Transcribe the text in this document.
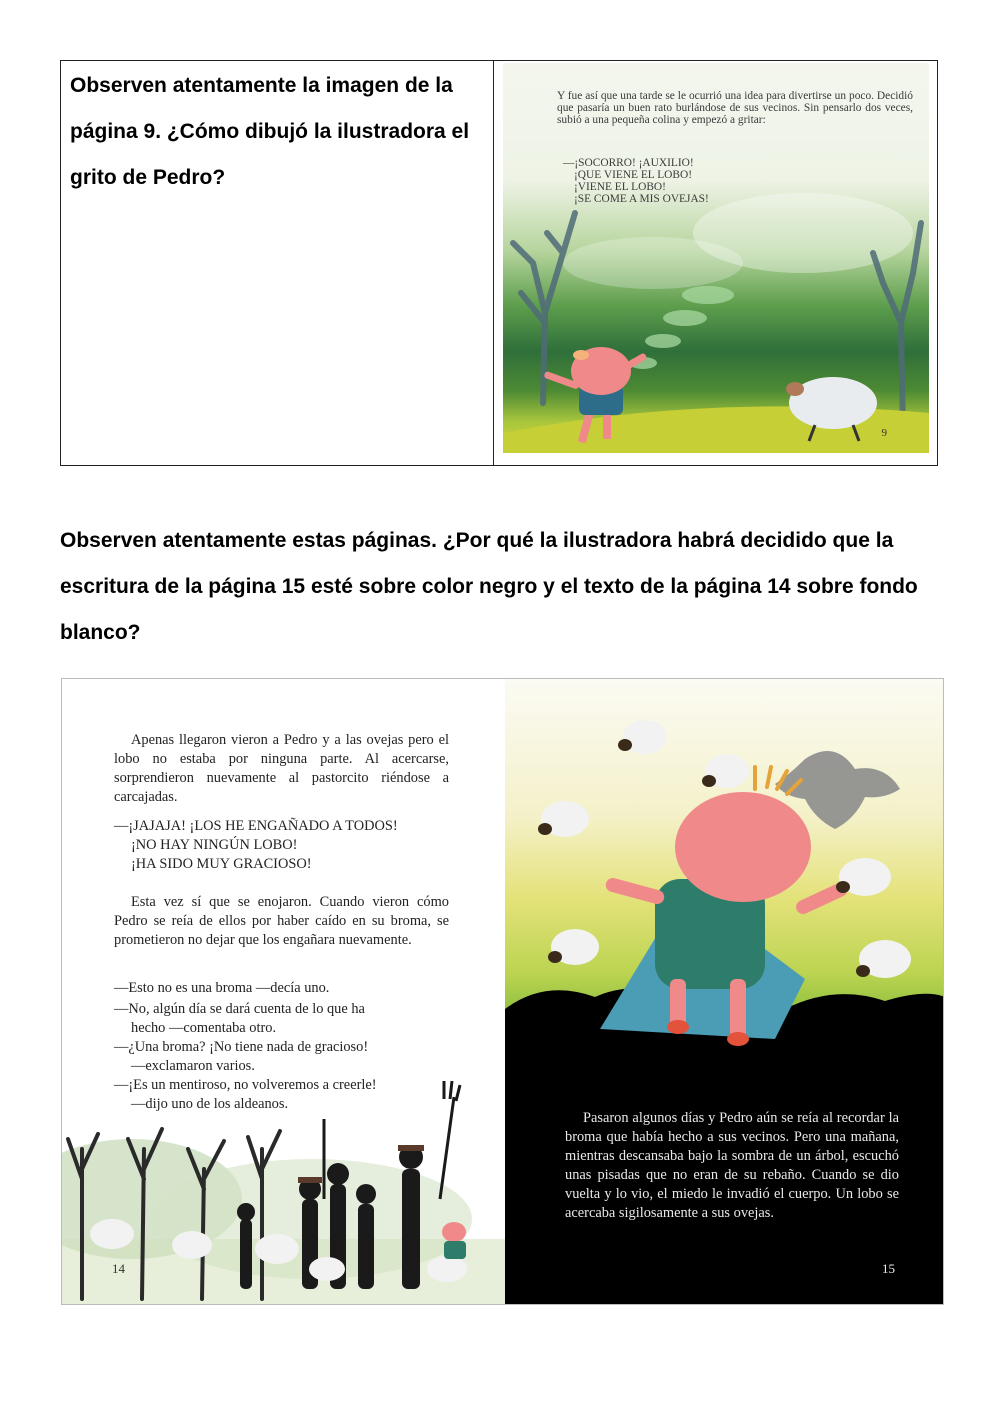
Observen atentamente la imagen de la página 9. ¿Cómo dibujó la ilustradora el grito de Pedro?

Y fue así que una tarde se le ocurrió una idea para divertirse un poco. Decidió que pasaría un buen rato burlándose de sus vecinos. Sin pensarlo dos veces, subió a una pequeña colina y empezó a gritar:

—¡SOCORRO! ¡AUXILIO!
¡QUE VIENE EL LOBO!
¡VIENE EL LOBO!
¡SE COME A MIS OVEJAS!

9

Observen atentamente estas páginas. ¿Por qué la ilustradora habrá decidido que la escritura de la página 15 esté sobre color negro y el texto de la página 14 sobre fondo blanco?

Apenas llegaron vieron a Pedro y a las ovejas pero el lobo no estaba por ninguna parte. Al acercarse, sorprendieron nuevamente al pastorcito riéndose a carcajadas.

—¡JAJAJA! ¡LOS HE ENGAÑADO A TODOS!
¡NO HAY NINGÚN LOBO!
¡HA SIDO MUY GRACIOSO!

Esta vez sí que se enojaron. Cuando vieron cómo Pedro se reía de ellos por haber caído en su broma, se prometieron no dejar que los engañara nuevamente.

—Esto no es una broma —decía uno.
—No, algún día se dará cuenta de lo que ha
hecho —comentaba otro.
—¿Una broma? ¡No tiene nada de gracioso!
—exclamaron varios.
—¡Es un mentiroso, no volveremos a creerle!
—dijo uno de los aldeanos.

14

Pasaron algunos días y Pedro aún se reía al recordar la broma que había hecho a sus vecinos. Pero una mañana, mientras descansaba bajo la sombra de un árbol, escuchó unas pisadas que no eran de su rebaño. Cuando se dio vuelta y lo vio, el miedo le invadió el cuerpo. Un lobo se acercaba sigilosamente a sus ovejas.

15
